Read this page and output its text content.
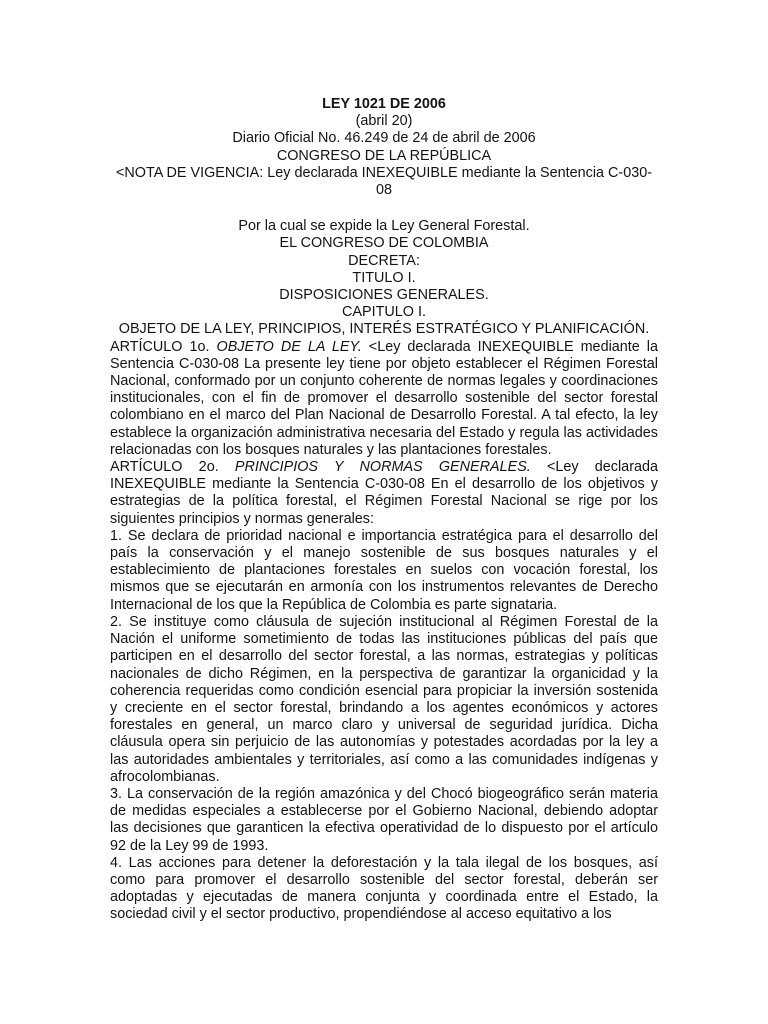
LEY 1021 DE 2006
(abril 20)
Diario Oficial No. 46.249 de 24 de abril de 2006
CONGRESO DE LA REPÚBLICA
<NOTA DE VIGENCIA: Ley declarada INEXEQUIBLE mediante la Sentencia C-030-08
Por la cual se expide la Ley General Forestal.
EL CONGRESO DE COLOMBIA
DECRETA:
TITULO I.
DISPOSICIONES GENERALES.
CAPITULO I.
OBJETO DE LA LEY, PRINCIPIOS, INTERÉS ESTRATÉGICO Y PLANIFICACIÓN.

ARTÍCULO 1o. OBJETO DE LA LEY. <Ley declarada INEXEQUIBLE mediante la Sentencia C-030-08 La presente ley tiene por objeto establecer el Régimen Forestal Nacional, conformado por un conjunto coherente de normas legales y coordinaciones institucionales, con el fin de promover el desarrollo sostenible del sector forestal colombiano en el marco del Plan Nacional de Desarrollo Forestal. A tal efecto, la ley establece la organización administrativa necesaria del Estado y regula las actividades relacionadas con los bosques naturales y las plantaciones forestales.

ARTÍCULO 2o. PRINCIPIOS Y NORMAS GENERALES. <Ley declarada INEXEQUIBLE mediante la Sentencia C-030-08 En el desarrollo de los objetivos y estrategias de la política forestal, el Régimen Forestal Nacional se rige por los siguientes principios y normas generales:

1. Se declara de prioridad nacional e importancia estratégica para el desarrollo del país la conservación y el manejo sostenible de sus bosques naturales y el establecimiento de plantaciones forestales en suelos con vocación forestal, los mismos que se ejecutarán en armonía con los instrumentos relevantes de Derecho Internacional de los que la República de Colombia es parte signataria.

2. Se instituye como cláusula de sujeción institucional al Régimen Forestal de la Nación el uniforme sometimiento de todas las instituciones públicas del país que participen en el desarrollo del sector forestal, a las normas, estrategias y políticas nacionales de dicho Régimen, en la perspectiva de garantizar la organicidad y la coherencia requeridas como condición esencial para propiciar la inversión sostenida y creciente en el sector forestal, brindando a los agentes económicos y actores forestales en general, un marco claro y universal de seguridad jurídica. Dicha cláusula opera sin perjuicio de las autonomías y potestades acordadas por la ley a las autoridades ambientales y territoriales, así como a las comunidades indígenas y afrocolombianas.

3. La conservación de la región amazónica y del Chocó biogeográfico serán materia de medidas especiales a establecerse por el Gobierno Nacional, debiendo adoptar las decisiones que garanticen la efectiva operatividad de lo dispuesto por el artículo 92 de la Ley 99 de 1993.

4. Las acciones para detener la deforestación y la tala ilegal de los bosques, así como para promover el desarrollo sostenible del sector forestal, deberán ser adoptadas y ejecutadas de manera conjunta y coordinada entre el Estado, la sociedad civil y el sector productivo, propendiéndose al acceso equitativo a los
